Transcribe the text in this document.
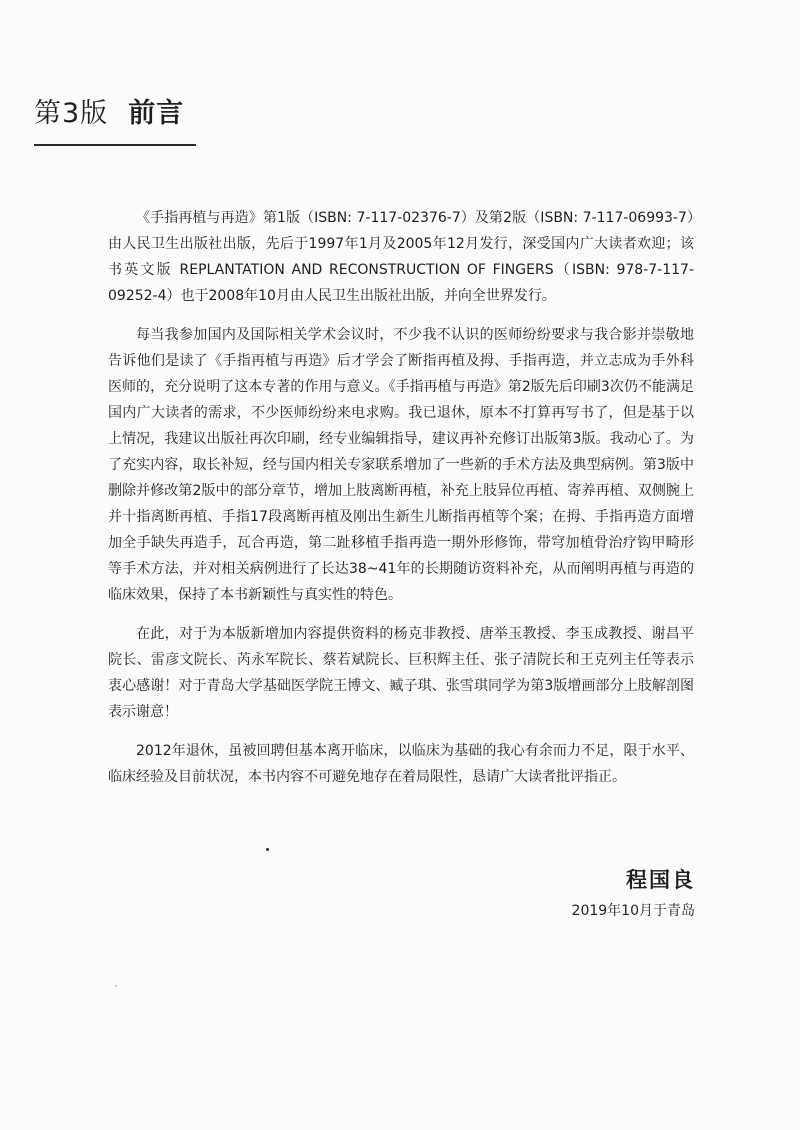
第3版 前言

《手指再植与再造》第1版（ISBN: 7-117-02376-7）及第2版（ISBN: 7-117-06993-7）由人民卫生出版社出版，先后于1997年1月及2005年12月发行，深受国内广大读者欢迎；该书英文版 REPLANTATION AND RECONSTRUCTION OF FINGERS（ISBN: 978-7-117-09252-4）也于2008年10月由人民卫生出版社出版，并向全世界发行。

每当我参加国内及国际相关学术会议时，不少我不认识的医师纷纷要求与我合影并崇敬地告诉他们是读了《手指再植与再造》后才学会了断指再植及拇、手指再造，并立志成为手外科医师的，充分说明了这本专著的作用与意义。《手指再植与再造》第2版先后印刷3次仍不能满足国内广大读者的需求，不少医师纷纷来电求购。我已退休，原本不打算再写书了，但是基于以上情况，我建议出版社再次印刷，经专业编辑指导，建议再补充修订出版第3版。我动心了。为了充实内容，取长补短，经与国内相关专家联系增加了一些新的手术方法及典型病例。第3版中删除并修改第2版中的部分章节，增加上肢离断再植，补充上肢异位再植、寄养再植、双侧腕上并十指离断再植、手指17段离断再植及刚出生新生儿断指再植等个案；在拇、手指再造方面增加全手缺失再造手，瓦合再造，第二趾移植手指再造一期外形修饰，带穹加植骨治疗钩甲畸形等手术方法，并对相关病例进行了长达38~41年的长期随访资料补充，从而阐明再植与再造的临床效果，保持了本书新颖性与真实性的特色。

在此，对于为本版新增加内容提供资料的杨克非教授、唐举玉教授、李玉成教授、谢昌平院长、雷彦文院长、芮永军院长、蔡若斌院长、巨积辉主任、张子清院长和王克列主任等表示衷心感谢！对于青岛大学基础医学院王博文、臧子琪、张雪琪同学为第3版增画部分上肢解剖图表示谢意！

2012年退休，虽被回聘但基本离开临床，以临床为基础的我心有余而力不足，限于水平、临床经验及目前状况，本书内容不可避免地存在着局限性，恳请广大读者批评指正。

程国良
2019年10月于青岛
